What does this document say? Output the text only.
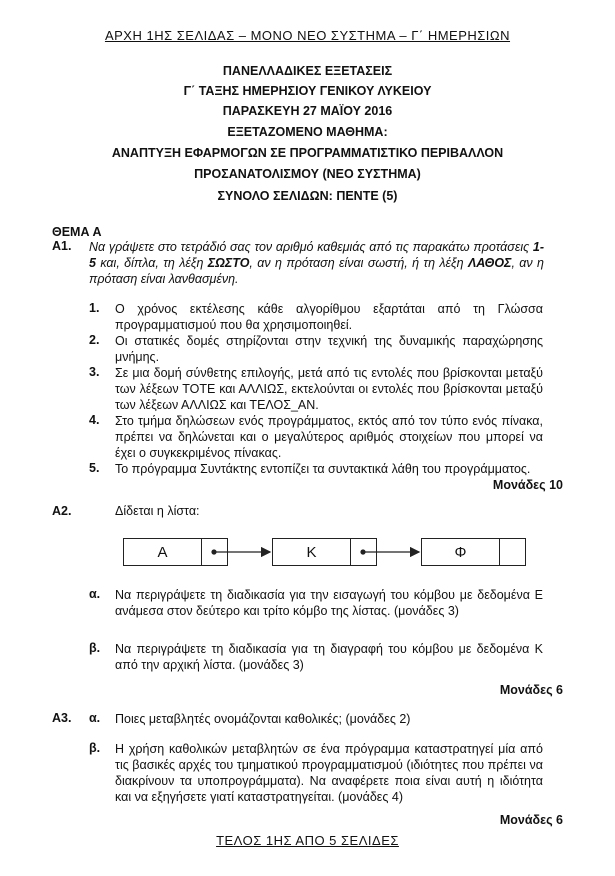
ΑΡΧΗ 1ΗΣ ΣΕΛΙΔΑΣ – ΜΟΝΟ ΝΕΟ ΣΥΣΤΗΜΑ – Γ΄ ΗΜΕΡΗΣΙΩΝ
ΠΑΝΕΛΛΑΔΙΚΕΣ ΕΞΕΤΑΣΕΙΣ
Γ΄ ΤΑΞΗΣ ΗΜΕΡΗΣΙΟΥ ΓΕΝΙΚΟΥ ΛΥΚΕΙΟΥ
ΠΑΡΑΣΚΕΥΗ 27 ΜΑΪΟΥ 2016
ΕΞΕΤΑΖΟΜΕΝΟ ΜΑΘΗΜΑ:
ΑΝΑΠΤΥΞΗ ΕΦΑΡΜΟΓΩΝ ΣΕ ΠΡΟΓΡΑΜΜΑΤΙΣΤΙΚΟ ΠΕΡΙΒΑΛΛΟΝ
ΠΡΟΣΑΝΑΤΟΛΙΣΜΟΥ (ΝΕΟ ΣΥΣΤΗΜΑ)
ΣΥΝΟΛΟ ΣΕΛΙΔΩΝ: ΠΕΝΤΕ (5)
ΘΕΜΑ Α
Α1. Να γράψετε στο τετράδιό σας τον αριθμό καθεμιάς από τις παρακάτω προτάσεις 1-5 και, δίπλα, τη λέξη ΣΩΣΤΟ, αν η πρόταση είναι σωστή, ή τη λέξη ΛΑΘΟΣ, αν η πρόταση είναι λανθασμένη.
1. Ο χρόνος εκτέλεσης κάθε αλγορίθμου εξαρτάται από τη Γλώσσα προγραμματισμού που θα χρησιμοποιηθεί.
2. Οι στατικές δομές στηρίζονται στην τεχνική της δυναμικής παραχώρησης μνήμης.
3. Σε μια δομή σύνθετης επιλογής, μετά από τις εντολές που βρίσκονται μεταξύ των λέξεων ΤΟΤΕ και ΑΛΛΙΩΣ, εκτελούνται οι εντολές που βρίσκονται μεταξύ των λέξεων ΑΛΛΙΩΣ και ΤΕΛΟΣ_ΑΝ.
4. Στο τμήμα δηλώσεων ενός προγράμματος, εκτός από τον τύπο ενός πίνακα, πρέπει να δηλώνεται και ο μεγαλύτερος αριθμός στοιχείων που μπορεί να έχει ο συγκεκριμένος πίνακας.
5. Το πρόγραμμα Συντάκτης εντοπίζει τα συντακτικά λάθη του προγράμματος.
Μονάδες 10
Α2.	Δίδεται η λίστα:
Α	Κ	Φ
α. Να περιγράψετε τη διαδικασία για την εισαγωγή του κόμβου με δεδομένα Ε ανάμεσα στον δεύτερο και τρίτο κόμβο της λίστας. (μονάδες 3)
β. Να περιγράψετε τη διαδικασία για τη διαγραφή του κόμβου με δεδομένα Κ από την αρχική λίστα. (μονάδες 3)
Μονάδες 6
Α3. α. Ποιες μεταβλητές ονομάζονται καθολικές; (μονάδες 2)
β. Η χρήση καθολικών μεταβλητών σε ένα πρόγραμμα καταστρατηγεί μία από τις βασικές αρχές του τμηματικού προγραμματισμού (ιδιότητες που πρέπει να διακρίνουν τα υποπρογράμματα). Να αναφέρετε ποια είναι αυτή η ιδιότητα και να εξηγήσετε γιατί καταστρατηγείται. (μονάδες 4)
Μονάδες 6
ΤΕΛΟΣ 1ΗΣ ΑΠΟ 5 ΣΕΛΙΔΕΣ
